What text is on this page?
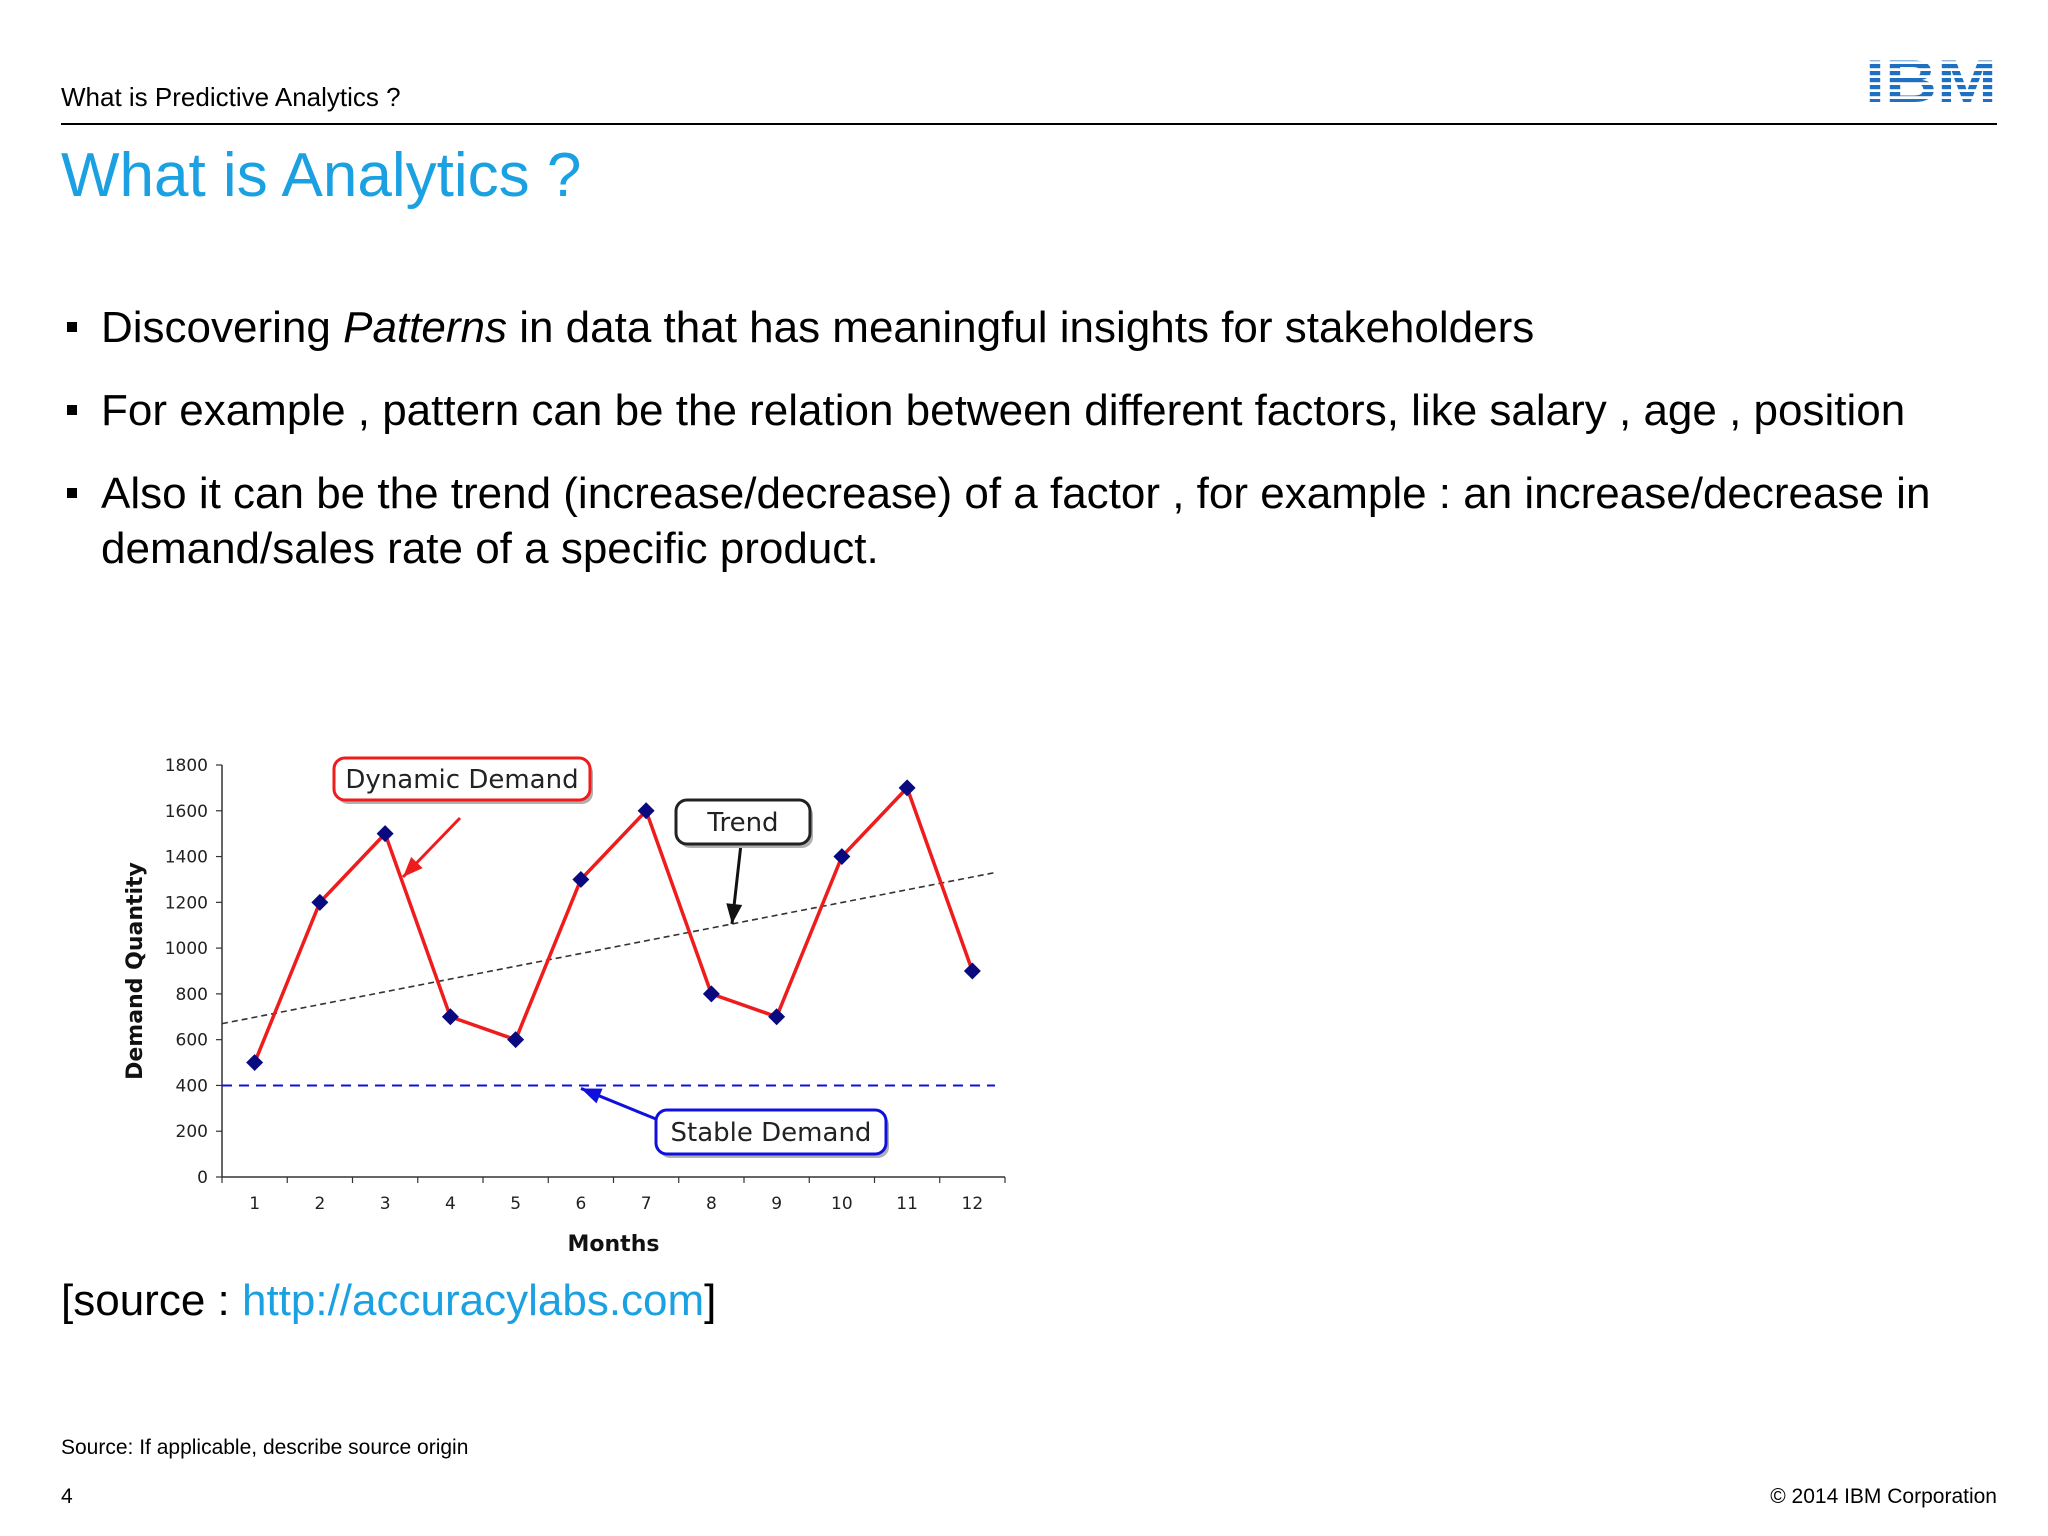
What is Predictive Analytics ?
What is Analytics ?
Discovering Patterns in data that has meaningful insights for stakeholders
For example , pattern can be the relation between different factors, like salary , age , position
Also it can be the trend (increase/decrease) of a factor , for example : an increase/decrease in demand/sales rate of a specific product.
0
200
400
600
800
1000
1200
1400
1600
1800
1	2	3	4	5	6	7	8	9	10	11	12
Months
Demand Quantity
Dynamic Demand
Trend
Stable Demand
[source : http://accuracylabs.com]
Source: If applicable, describe source origin
4	© 2014 IBM Corporation
